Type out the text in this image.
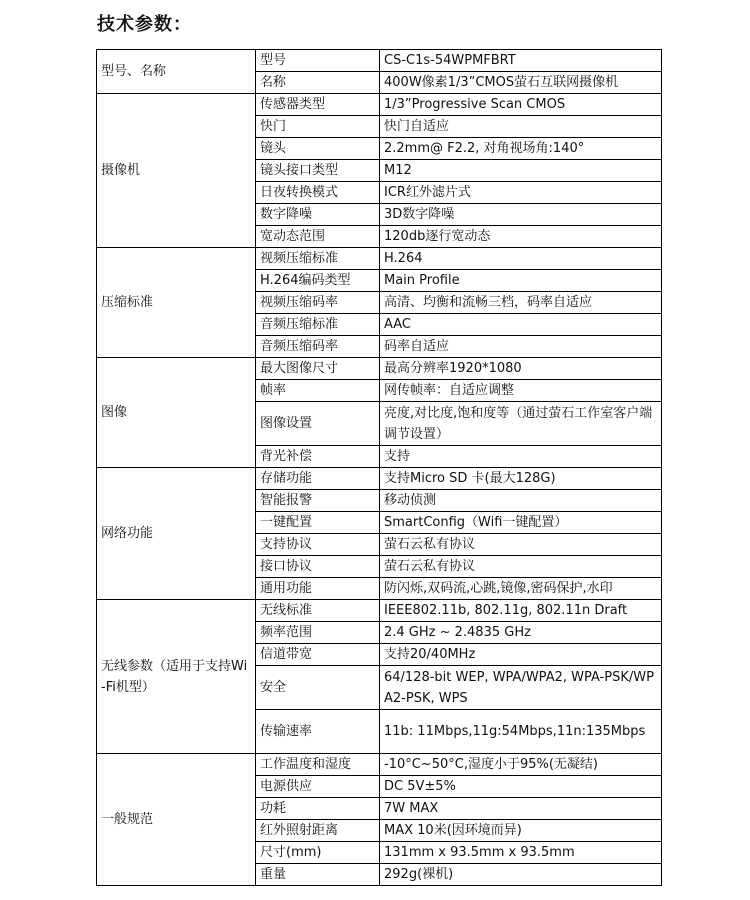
技术参数：
型号、名称	型号	CS-C1s-54WPMFBRT
	名称	400W像素1/3”CMOS萤石互联网摄像机
摄像机	传感器类型	1/3”Progressive Scan CMOS
	快门	快门自适应
	镜头	2.2mm@ F2.2, 对角视场角:140°
	镜头接口类型	M12
	日夜转换模式	ICR红外滤片式
	数字降噪	3D数字降噪
	宽动态范围	120db逐行宽动态
压缩标准	视频压缩标准	H.264
	H.264编码类型	Main Profile
	视频压缩码率	高清、均衡和流畅三档，码率自适应
	音频压缩标准	AAC
	音频压缩码率	码率自适应
图像	最大图像尺寸	最高分辨率1920*1080
	帧率	网传帧率：自适应调整
	图像设置	亮度,对比度,饱和度等（通过萤石工作室客户端调节设置）
	背光补偿	支持
网络功能	存储功能	支持Micro SD 卡(最大128G)
	智能报警	移动侦测
	一键配置	SmartConfig（Wifi一键配置）
	支持协议	萤石云私有协议
	接口协议	萤石云私有协议
	通用功能	防闪烁,双码流,心跳,镜像,密码保护,水印
无线参数（适用于支持Wi-Fi机型）	无线标准	IEEE802.11b, 802.11g, 802.11n Draft
	频率范围	2.4 GHz ~ 2.4835 GHz
	信道带宽	支持20/40MHz
	安全	64/128-bit WEP, WPA/WPA2, WPA-PSK/WPA2-PSK, WPS
	传输速率	11b: 11Mbps,11g:54Mbps,11n:135Mbps
一般规范	工作温度和湿度	-10°C~50°C,湿度小于95%(无凝结)
	电源供应	DC 5V±5%
	功耗	7W MAX
	红外照射距离	MAX 10米(因环境而异)
	尺寸(mm)	131mm x 93.5mm x 93.5mm
	重量	292g(裸机)
